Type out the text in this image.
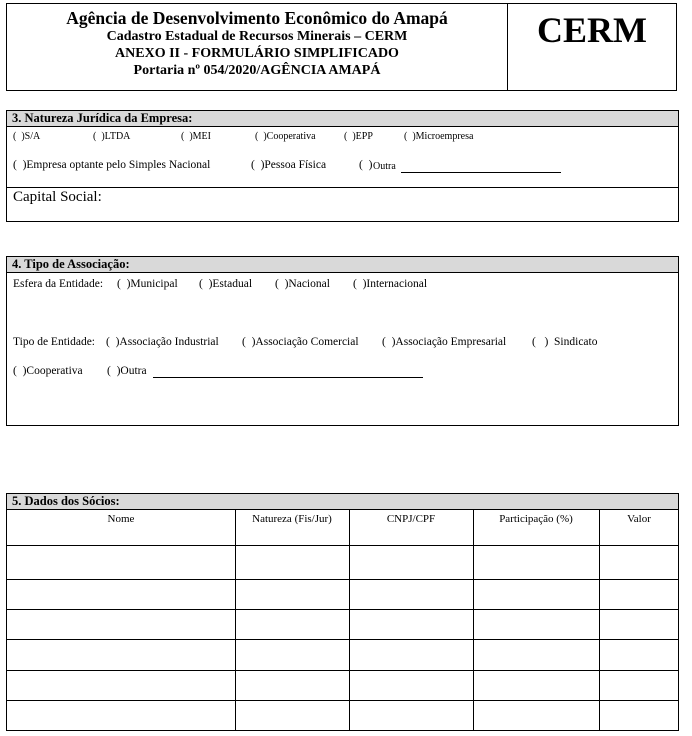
Agência de Desenvolvimento Econômico do Amapá
Cadastro Estadual de Recursos Minerais – CERM
ANEXO II - FORMULÁRIO SIMPLIFICADO
Portaria nº 054/2020/AGÊNCIA AMAPÁ
CERM
3. Natureza Jurídica da Empresa:
(  )S/A	(  )LTDA	(  )MEI	(  )Cooperativa	(  )EPP	(  )Microempresa
(  )Empresa optante pelo Simples Nacional	(  )Pessoa Física	(  ) Outra
Capital Social:
4. Tipo de Associação:
Esfera da Entidade: (  )Municipal (  )Estadual (  )Nacional (  )Internacional
Tipo de Entidade: (  )Associação Industrial (  )Associação Comercial (  )Associação Empresarial (   )  Sindicato
(  )Cooperativa (  )Outra
5. Dados dos Sócios:
Nome	Natureza (Fis/Jur)	CNPJ/CPF	Participação (%)	Valor
